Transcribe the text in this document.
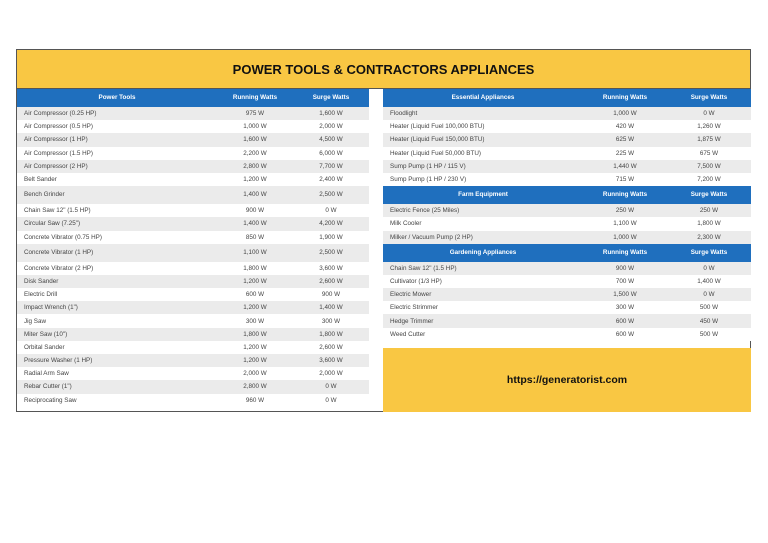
POWER TOOLS & CONTRACTORS APPLIANCES
Power Tools	Running Watts	Surge Watts
Air Compressor (0.25 HP)	975 W	1,600 W
Air Compressor (0.5 HP)	1,000 W	2,000 W
Air Compressor (1 HP)	1,600 W	4,500 W
Air Compressor (1.5 HP)	2,200 W	6,000 W
Air Compressor (2 HP)	2,800 W	7,700 W
Belt Sander	1,200 W	2,400 W
Bench Grinder	1,400 W	2,500 W
Chain Saw 12" (1.5 HP)	900 W	0 W
Circular Saw (7.25")	1,400 W	4,200 W
Concrete Vibrator (0.75 HP)	850 W	1,900 W
Concrete Vibrator (1 HP)	1,100 W	2,500 W
Concrete Vibrator (2 HP)	1,800 W	3,600 W
Disk Sander	1,200 W	2,600 W
Electric Drill	600 W	900 W
Impact Wrench (1")	1,200 W	1,400 W
Jig Saw	300 W	300 W
Miter Saw (10")	1,800 W	1,800 W
Orbital Sander	1,200 W	2,600 W
Pressure Washer (1 HP)	1,200 W	3,600 W
Radial Arm Saw	2,000 W	2,000 W
Rebar Cutter (1")	2,800 W	0 W
Reciprocating Saw	960 W	0 W
Essential Appliances	Running Watts	Surge Watts
Floodlight	1,000 W	0 W
Heater (Liquid Fuel 100,000 BTU)	420 W	1,260 W
Heater (Liquid Fuel 150,000 BTU)	625 W	1,875 W
Heater (Liquid Fuel 50,000 BTU)	225 W	675 W
Sump Pump (1 HP / 115 V)	1,440 W	7,500 W
Sump Pump (1 HP / 230 V)	715 W	7,200 W
Farm Equipment	Running Watts	Surge Watts
Electric Fence (25 Miles)	250 W	250 W
Milk Cooler	1,100 W	1,800 W
Milker / Vacuum Pump (2 HP)	1,000 W	2,300 W
Gardening Appliances	Running Watts	Surge Watts
Chain Saw 12" (1.5 HP)	900 W	0 W
Cultivator (1/3 HP)	700 W	1,400 W
Electric Mower	1,500 W	0 W
Electric Strimmer	300 W	500 W
Hedge Trimmer	600 W	450 W
Weed Cutter	600 W	500 W
https://generatorist.com
